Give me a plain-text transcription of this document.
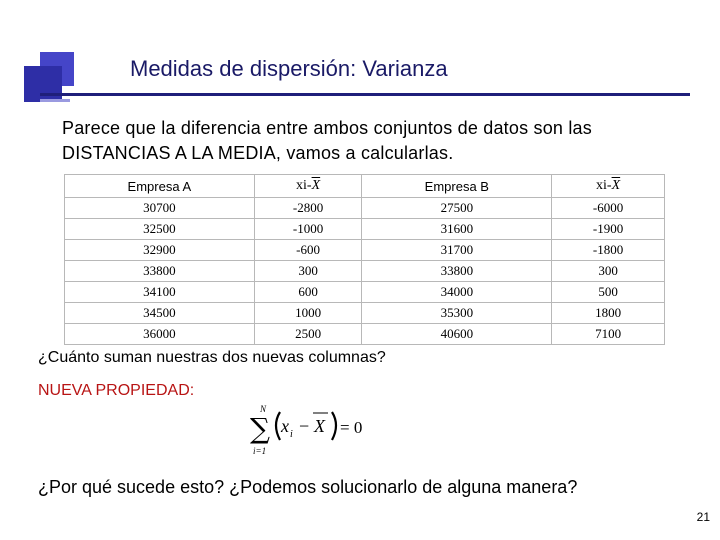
Medidas de dispersión: Varianza
Parece que la diferencia entre ambos conjuntos de datos son las DISTANCIAS A LA MEDIA, vamos a calcularlas.
Empresa A	$xi-\overline{X}$	Empresa B	$xi-\overline{X}$
30700	-2800	27500	-6000
32500	-1000	31600	-1900
32900	-600	31700	-1800
33800	300	33800	300
34100	600	34000	500
34500	1000	35300	1800
36000	2500	40600	7100
¿Cuánto suman nuestras dos nuevas columnas?
NUEVA PROPIEDAD:
N
∑
i=1
x i − X = 0
¿Por qué sucede esto? ¿Podemos solucionarlo de alguna manera?
21
